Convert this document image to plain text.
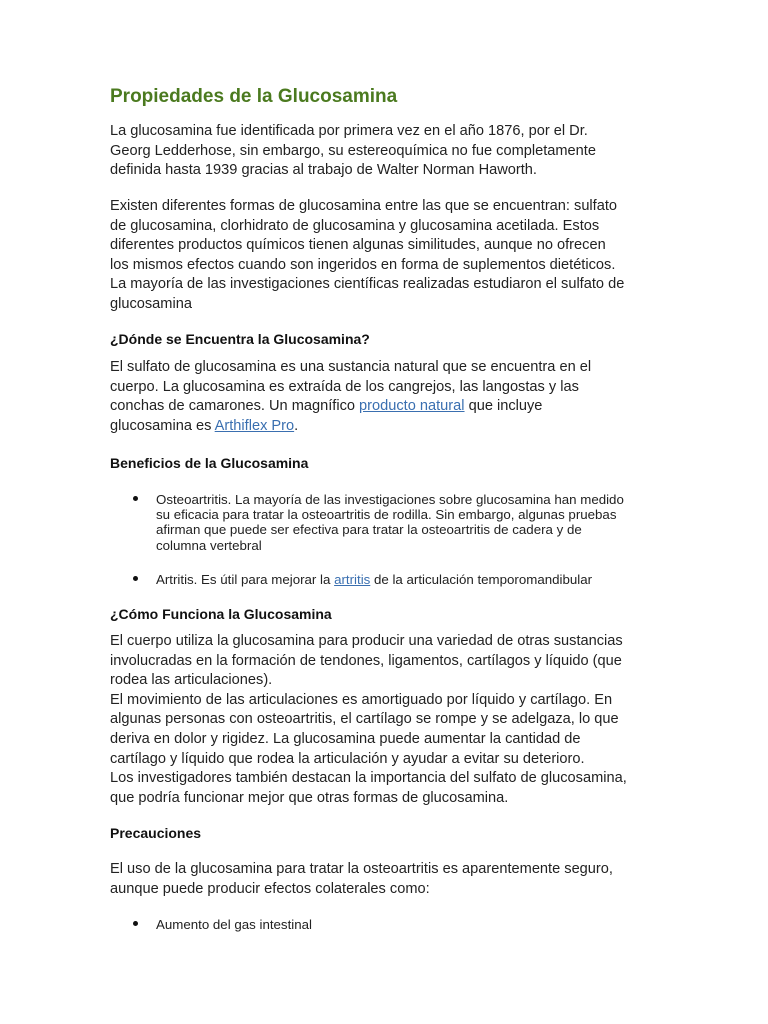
Propiedades de la Glucosamina

La glucosamina fue identificada por primera vez en el año 1876, por el Dr.
Georg Ledderhose, sin embargo, su estereoquímica no fue completamente
definida hasta 1939 gracias al trabajo de Walter Norman Haworth.

Existen diferentes formas de glucosamina entre las que se encuentran: sulfato
de glucosamina, clorhidrato de glucosamina y glucosamina acetilada. Estos
diferentes productos químicos tienen algunas similitudes, aunque no ofrecen
los mismos efectos cuando son ingeridos en forma de suplementos dietéticos.
La mayoría de las investigaciones científicas realizadas estudiaron el sulfato de
glucosamina

¿Dónde se Encuentra la Glucosamina?

El sulfato de glucosamina es una sustancia natural que se encuentra en el
cuerpo. La glucosamina es extraída de los cangrejos, las langostas y las
conchas de camarones. Un magnífico producto natural que incluye
glucosamina es Arthiflex Pro.

Beneficios de la Glucosamina
Osteoartritis. La mayoría de las investigaciones sobre glucosamina han medido
su eficacia para tratar la osteoartritis de rodilla. Sin embargo, algunas pruebas
afirman que puede ser efectiva para tratar la osteoartritis de cadera y de
columna vertebral
Artritis. Es útil para mejorar la artritis de la articulación temporomandibular
¿Cómo Funciona la Glucosamina

El cuerpo utiliza la glucosamina para producir una variedad de otras sustancias
involucradas en la formación de tendones, ligamentos, cartílagos y líquido (que
rodea las articulaciones).
El movimiento de las articulaciones es amortiguado por líquido y cartílago. En
algunas personas con osteoartritis, el cartílago se rompe y se adelgaza, lo que
deriva en dolor y rigidez. La glucosamina puede aumentar la cantidad de
cartílago y líquido que rodea la articulación y ayudar a evitar su deterioro.
Los investigadores también destacan la importancia del sulfato de glucosamina,
que podría funcionar mejor que otras formas de glucosamina.

Precauciones

El uso de la glucosamina para tratar la osteoartritis es aparentemente seguro,
aunque puede producir efectos colaterales como:

Aumento del gas intestinal
